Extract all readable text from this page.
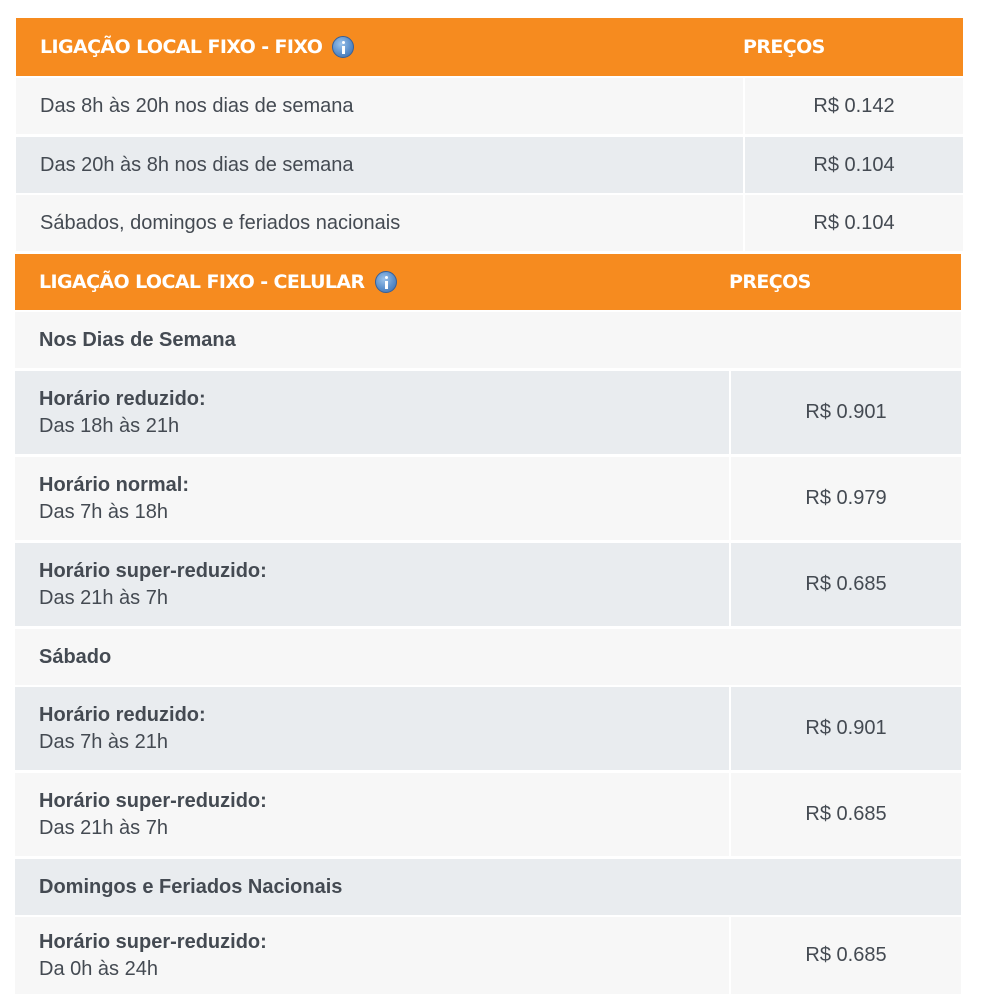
LIGAÇÃO LOCAL FIXO - FIXO	PREÇOS
Das 8h às 20h nos dias de semana	R$ 0.142
Das 20h às 8h nos dias de semana	R$ 0.104
Sábados, domingos e feriados nacionais	R$ 0.104
LIGAÇÃO LOCAL FIXO - CELULAR	PREÇOS
Nos Dias de Semana
Horário reduzido:
Das 18h às 21h
R$ 0.901
Horário normal:
Das 7h às 18h
R$ 0.979
Horário super-reduzido:
Das 21h às 7h
R$ 0.685
Sábado
Horário reduzido:
Das 7h às 21h
R$ 0.901
Horário super-reduzido:
Das 21h às 7h
R$ 0.685
Domingos e Feriados Nacionais
Horário super-reduzido:
Da 0h às 24h
R$ 0.685
